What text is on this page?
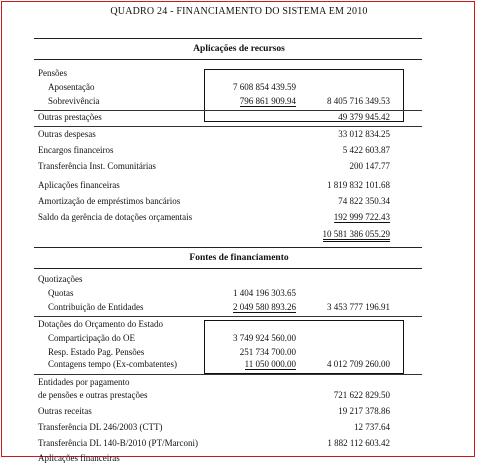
QUADRO 24 - FINANCIAMENTO DO SISTEMA EM 2010
Aplicações de recursos
Pensões
Aposentação	7 608 854 439.59
Sobrevivência	796 861 909.94	8 405 716 349.53
Outras prestações	49 379 945.42
Outras despesas	33 012 834.25
Encargos financeiros	5 422 603.87
Transferência Inst. Comunitárias	200 147.77
Aplicações financeiras	1 819 832 101.68
Amortização de empréstimos bancários	74 822 350.34
Saldo da gerência de dotações orçamentais	192 999 722.43
10 581 386 055.29
Fontes de financiamento
Quotizações
Quotas	1 404 196 303.65
Contribuição de Entidades	2 049 580 893.26	3 453 777 196.91
Dotações do Orçamento do Estado
Comparticipação do OE	3 749 924 560.00
Resp. Estado Pag. Pensões	251 734 700.00
Contagens tempo (Ex-combatentes)	11 050 000.00	4 012 709 260.00
Entidades por pagamento
de pensões e outras prestações	721 622 829.50
Outras receitas	19 217 378.86
Transferência DL 246/2003 (CTT)	12 737.64
Transferência DL 140-B/2010 (PT/Marconi)	1 882 112 603.42
Aplicações financeiras
